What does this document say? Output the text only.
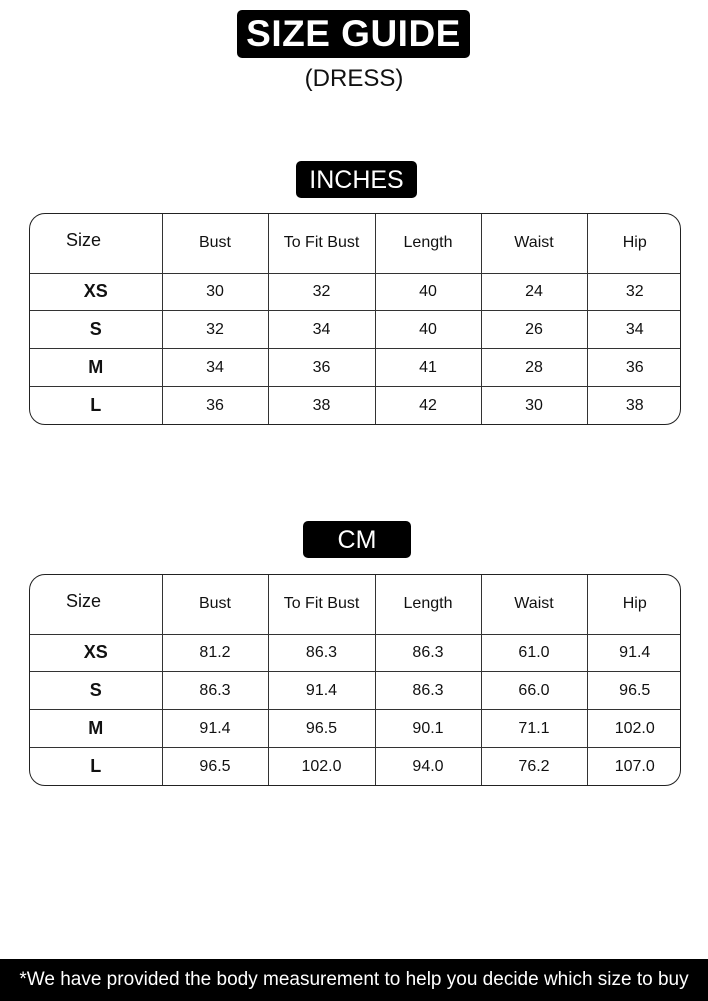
SIZE GUIDE
(DRESS)
INCHES
Size	Bust	To Fit Bust	Length	Waist	Hip
XS	30	32	40	24	32
S	32	34	40	26	34
M	34	36	41	28	36
L	36	38	42	30	38
CM
Size	Bust	To Fit Bust	Length	Waist	Hip
XS	81.2	86.3	86.3	61.0	91.4
S	86.3	91.4	86.3	66.0	96.5
M	91.4	96.5	90.1	71.1	102.0
L	96.5	102.0	94.0	76.2	107.0
*We have provided the body measurement to help you decide which size to buy
